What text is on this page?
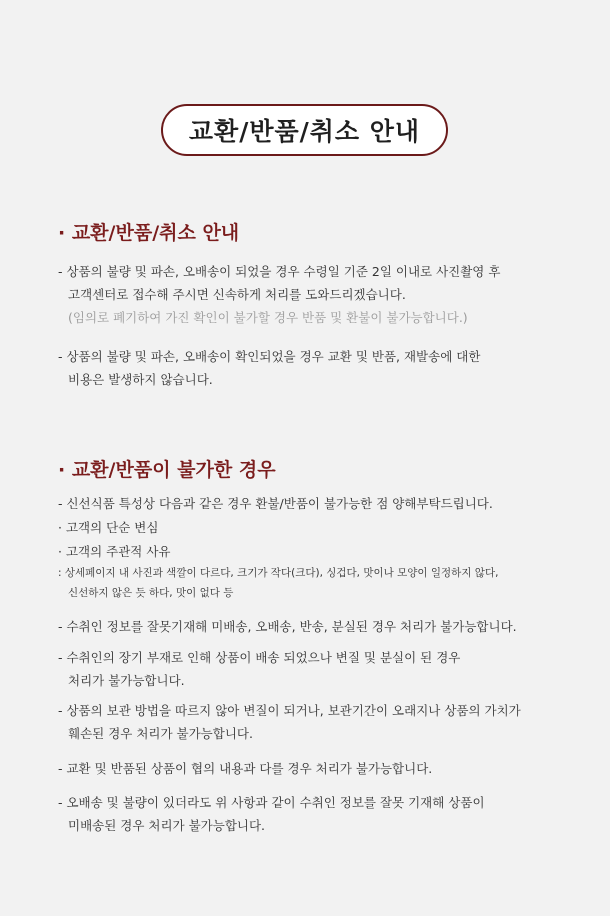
교환/반품/취소 안내
· 교환/반품/취소 안내
- 상품의 불량 및 파손, 오배송이 되었을 경우 수령일 기준 2일 이내로 사진촬영 후
고객센터로 접수해 주시면 신속하게 처리를 도와드리겠습니다.
(임의로 폐기하여 가진 확인이 불가할 경우 반품 및 환불이 불가능합니다.)
- 상품의 불량 및 파손, 오배송이 확인되었을 경우 교환 및 반품, 재발송에 대한
비용은 발생하지 않습니다.
· 교환/반품이 불가한 경우
- 신선식품 특성상 다음과 같은 경우 환불/반품이 불가능한 점 양해부탁드립니다.
· 고객의 단순 변심
· 고객의 주관적 사유
: 상세페이지 내 사진과 색깔이 다르다, 크기가 작다(크다), 싱겁다, 맛이나 모양이 일정하지 않다,
신선하지 않은 듯 하다, 맛이 없다 등
- 수취인 정보를 잘못기재해 미배송, 오배송, 반송, 분실된 경우 처리가 불가능합니다.
- 수취인의 장기 부재로 인해 상품이 배송 되었으나 변질 및 분실이 된 경우
처리가 불가능합니다.
- 상품의 보관 방법을 따르지 않아 변질이 되거나, 보관기간이 오래지나 상품의 가치가
훼손된 경우 처리가 불가능합니다.
- 교환 및 반품된 상품이 협의 내용과 다를 경우 처리가 불가능합니다.
- 오배송 및 불량이 있더라도 위 사항과 같이 수취인 정보를 잘못 기재해 상품이
미배송된 경우 처리가 불가능합니다.
